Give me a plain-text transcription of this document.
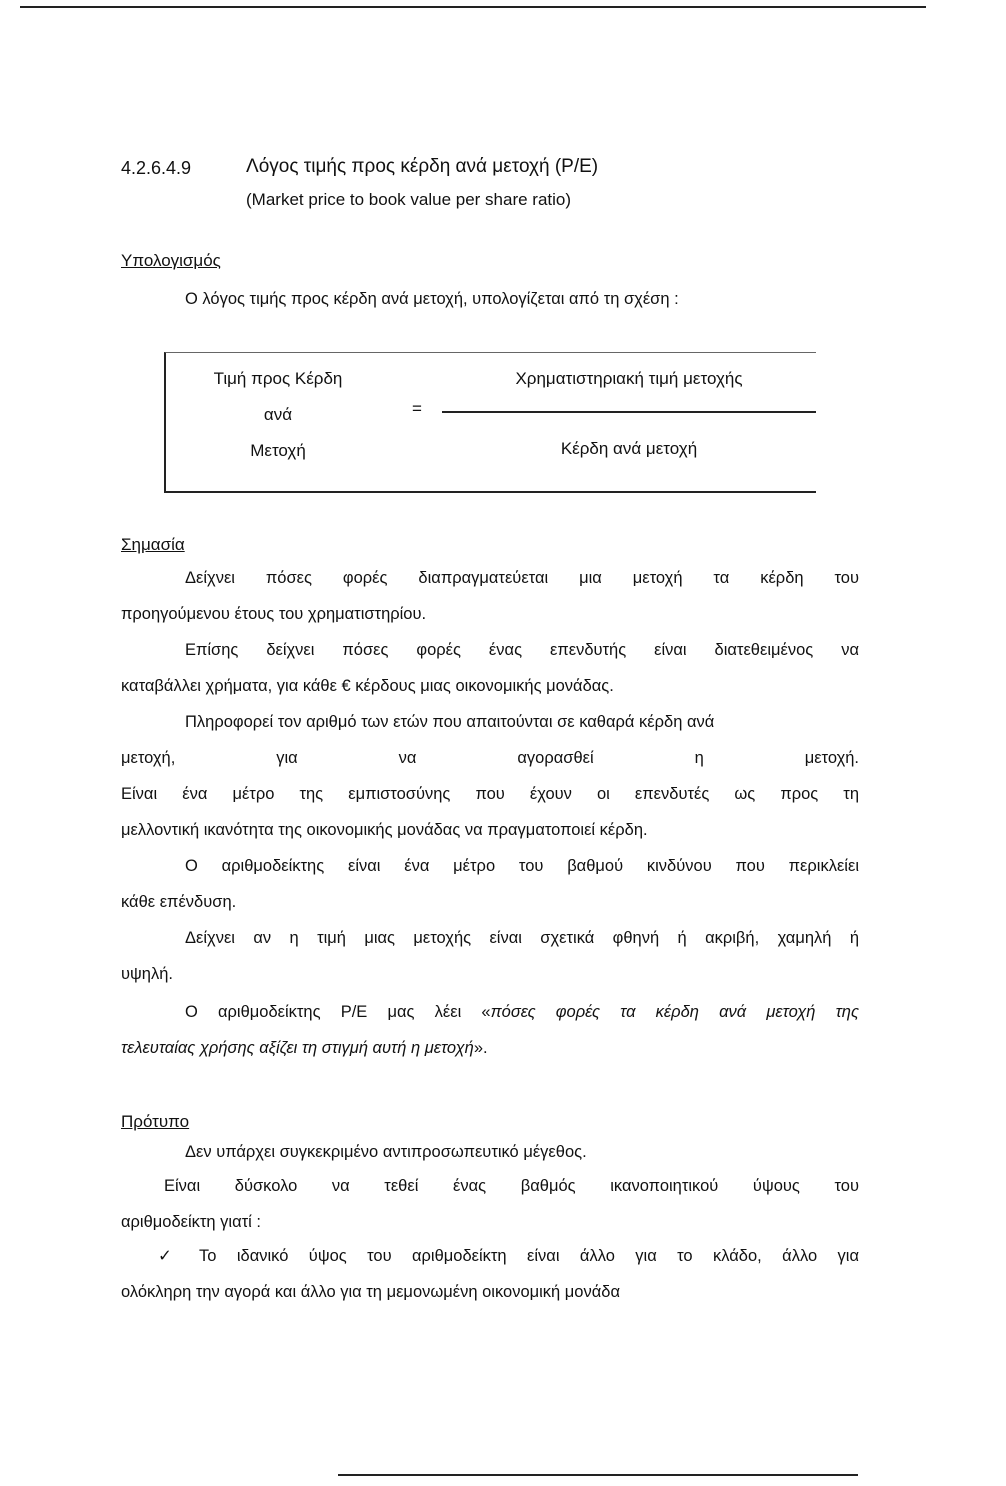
4.2.6.4.9	Λόγος τιμής προς κέρδη ανά μετοχή (P/E)
(Market price to book value per share ratio)
Υπολογισμός
Ο λόγος τιμής προς κέρδη ανά μετοχή, υπολογίζεται από τη σχέση :
Τιμή προς Κέρδη
ανά
Μετοχή
=
Χρηματιστηριακή τιμή μετοχής
Κέρδη ανά μετοχή
Σημασία
Δείχνει πόσες φορές διαπραγματεύεται μια μετοχή τα κέρδη του
προηγούμενου έτους του χρηματιστηρίου.
Επίσης δείχνει πόσες φορές ένας επενδυτής είναι διατεθειμένος να
καταβάλλει χρήματα, για κάθε € κέρδους μιας οικονομικής μονάδας.
Πληροφορεί τον αριθμό των ετών που απαιτούνται σε καθαρά κέρδη ανά
μετοχή, για να αγορασθεί η μετοχή.
Είναι ένα μέτρο της εμπιστοσύνης που έχουν οι επενδυτές ως προς τη
μελλοντική ικανότητα της οικονομικής μονάδας να πραγματοποιεί κέρδη.
Ο αριθμοδείκτης είναι ένα μέτρο του βαθμού κινδύνου που περικλείει
κάθε επένδυση.
Δείχνει αν η τιμή μιας μετοχής είναι σχετικά φθηνή ή ακριβή, χαμηλή ή
υψηλή.
Ο αριθμοδείκτης P/E μας λέει «πόσες φορές τα κέρδη ανά μετοχή της
τελευταίας χρήσης αξίζει τη στιγμή αυτή η μετοχή».
Πρότυπο
Δεν υπάρχει συγκεκριμένο αντιπροσωπευτικό μέγεθος.
Είναι δύσκολο να τεθεί ένας βαθμός ικανοποιητικού ύψους του
αριθμοδείκτη γιατί :
✓ Το ιδανικό ύψος του αριθμοδείκτη είναι άλλο για το κλάδο, άλλο για
ολόκληρη την αγορά και άλλο για τη μεμονωμένη οικονομική μονάδα
